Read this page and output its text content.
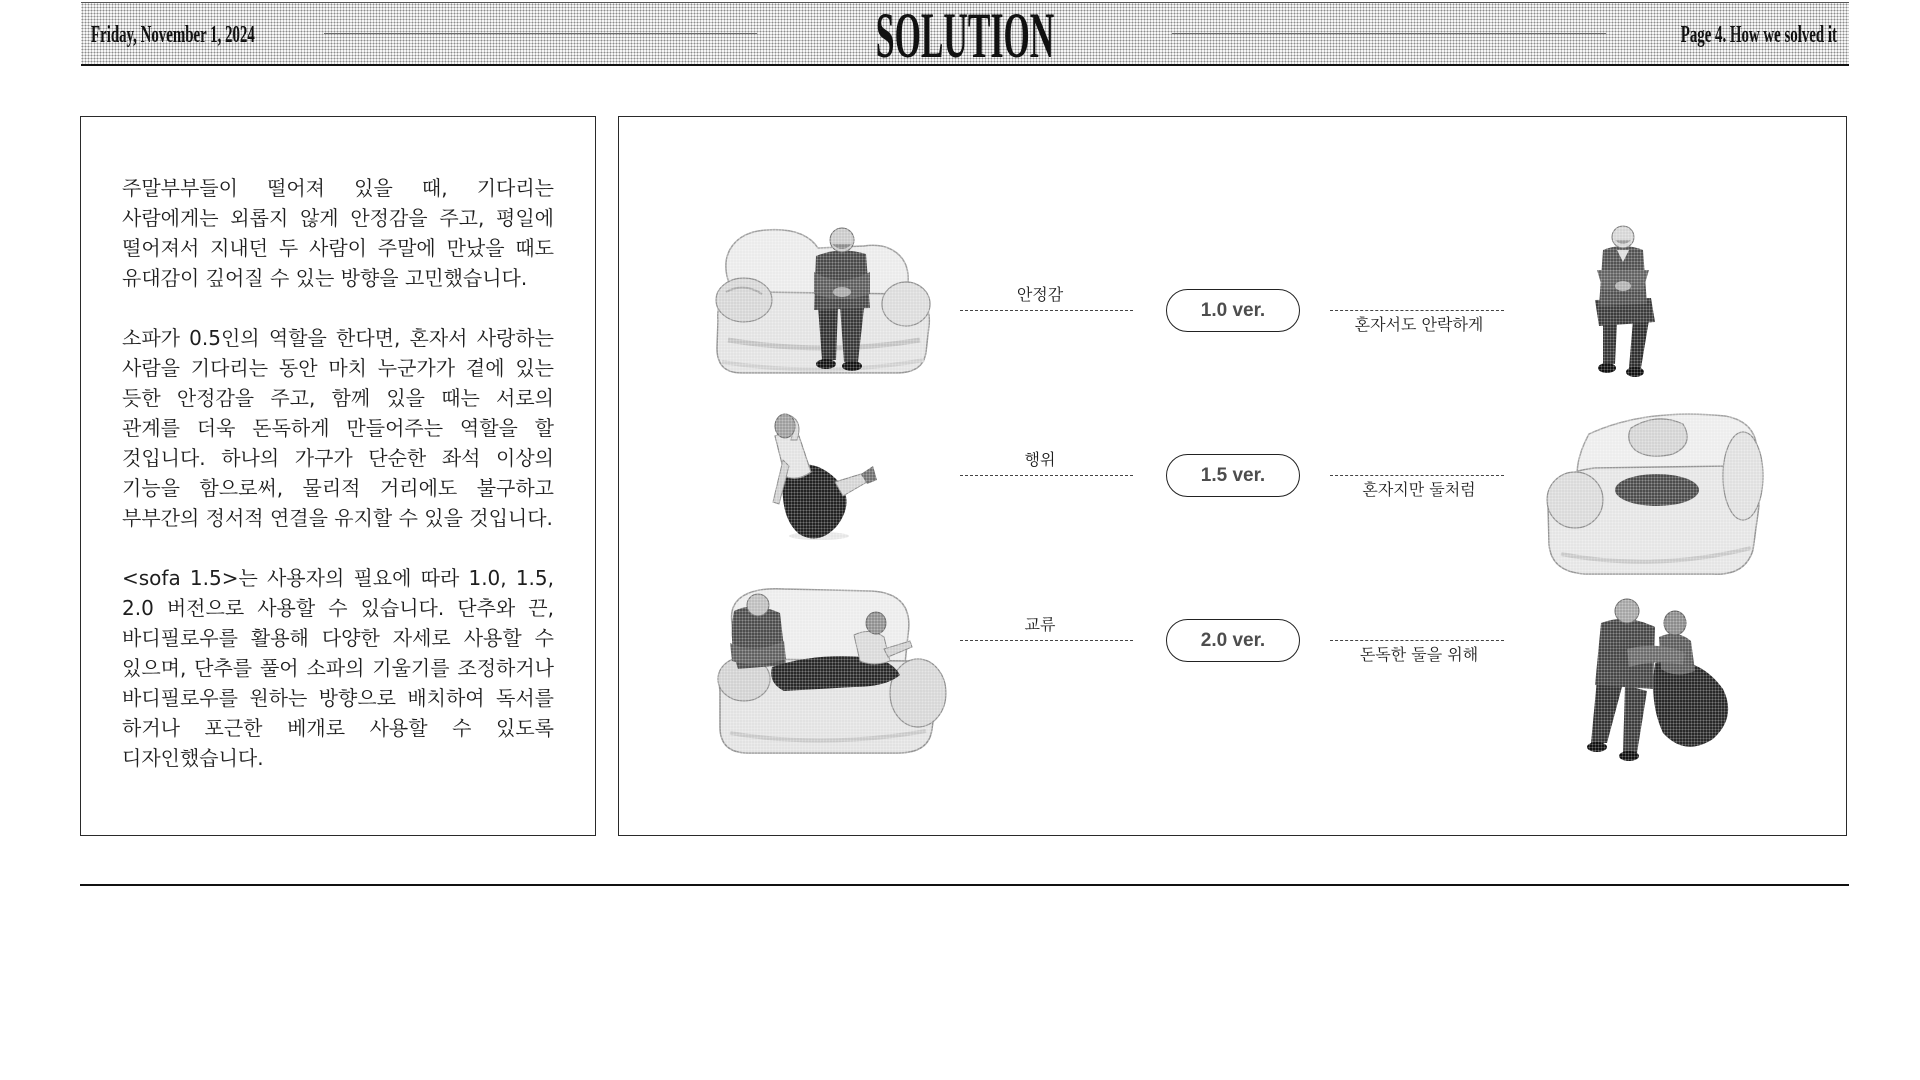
Friday, November 1, 2024	SOLUTION	Page 4. How we solved it

주말부부들이 떨어져 있을 때, 기다리는 사람에게는 외롭지 않게 안정감을 주고, 평일에 떨어져서 지내던 두 사람이 주말에 만났을 때도 유대감이 깊어질 수 있는 방향을 고민했습니다.

소파가 0.5인의 역할을 한다면, 혼자서 사랑하는 사람을 기다리는 동안 마치 누군가가 곁에 있는 듯한 안정감을 주고, 함께 있을 때는 서로의 관계를 더욱 돈독하게 만들어주는 역할을 할 것입니다. 하나의 가구가 단순한 좌석 이상의 기능을 함으로써, 물리적 거리에도 불구하고 부부간의 정서적 연결을 유지할 수 있을 것입니다.

<sofa 1.5>는 사용자의 필요에 따라 1.0, 1.5, 2.0 버전으로 사용할 수 있습니다. 단추와 끈, 바디필로우를 활용해 다양한 자세로 사용할 수 있으며, 단추를 풀어 소파의 기울기를 조정하거나 바디필로우를 원하는 방향으로 배치하여 독서를 하거나 포근한 베개로 사용할 수 있도록 디자인했습니다.

안정감
1.0 ver.
혼자서도 안락하게
행위
1.5 ver.
혼자지만 둘처럼
교류
2.0 ver.
돈독한 둘을 위해
